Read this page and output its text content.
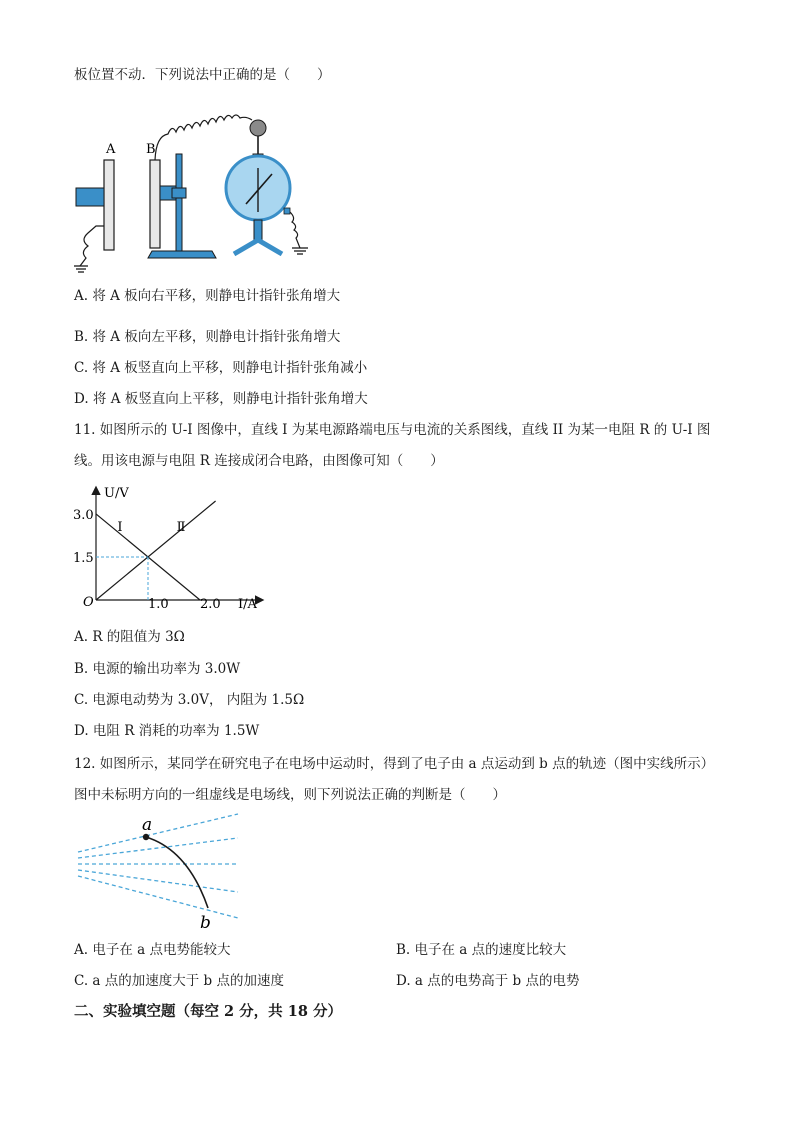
板位置不动．下列说法中正确的是（　　）
A B
A. 将 A 板向右平移，则静电计指针张角增大
B. 将 A 板向左平移，则静电计指针张角增大
C. 将 A 板竖直向上平移，则静电计指针张角减小
D. 将 A 板竖直向上平移，则静电计指针张角增大
11. 如图所示的 U-I 图像中，直线 I 为某电源路端电压与电流的关系图线，直线 II 为某一电阻 R 的 U-I 图
线。用该电源与电阻 R 连接成闭合电路，由图像可知（　　）
U/V
I/A
O
3.0
1.5
1.0 2.0
I	Ⅱ
A. R 的阻值为 3Ω
B. 电源的输出功率为 3.0W
C. 电源电动势为 3.0V， 内阻为 1.5Ω
D. 电阻 R 消耗的功率为 1.5W
12. 如图所示，某同学在研究电子在电场中运动时，得到了电子由 a 点运动到 b 点的轨迹（图中实线所示）
图中未标明方向的一组虚线是电场线，则下列说法正确的判断是（　　）
a
b
A. 电子在 a 点电势能较大	B. 电子在 a 点的速度比较大
C. a 点的加速度大于 b 点的加速度	D. a 点的电势高于 b 点的电势
二、实验填空题（每空 2 分，共 18 分）
